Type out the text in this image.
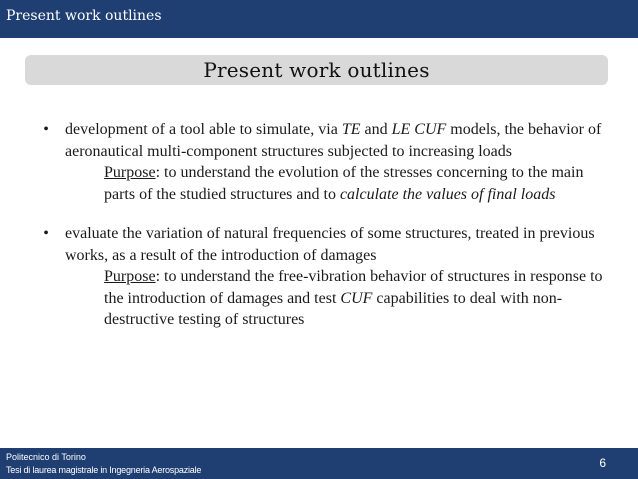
Present work outlines
Present work outlines
• development of a tool able to simulate, via TE and LE CUF models, the behavior of aeronautical multi-component structures subjected to increasing loads
Purpose: to understand the evolution of the stresses concerning to the main parts of the studied structures and to calculate the values of final loads
• evaluate the variation of natural frequencies of some structures, treated in previous works, as a result of the introduction of damages
Purpose: to understand the free-vibration behavior of structures in response to the introduction of damages and test CUF capabilities to deal with non-destructive testing of structures
Politecnico di Torino
Tesi di laurea magistrale in Ingegneria Aerospaziale	6
